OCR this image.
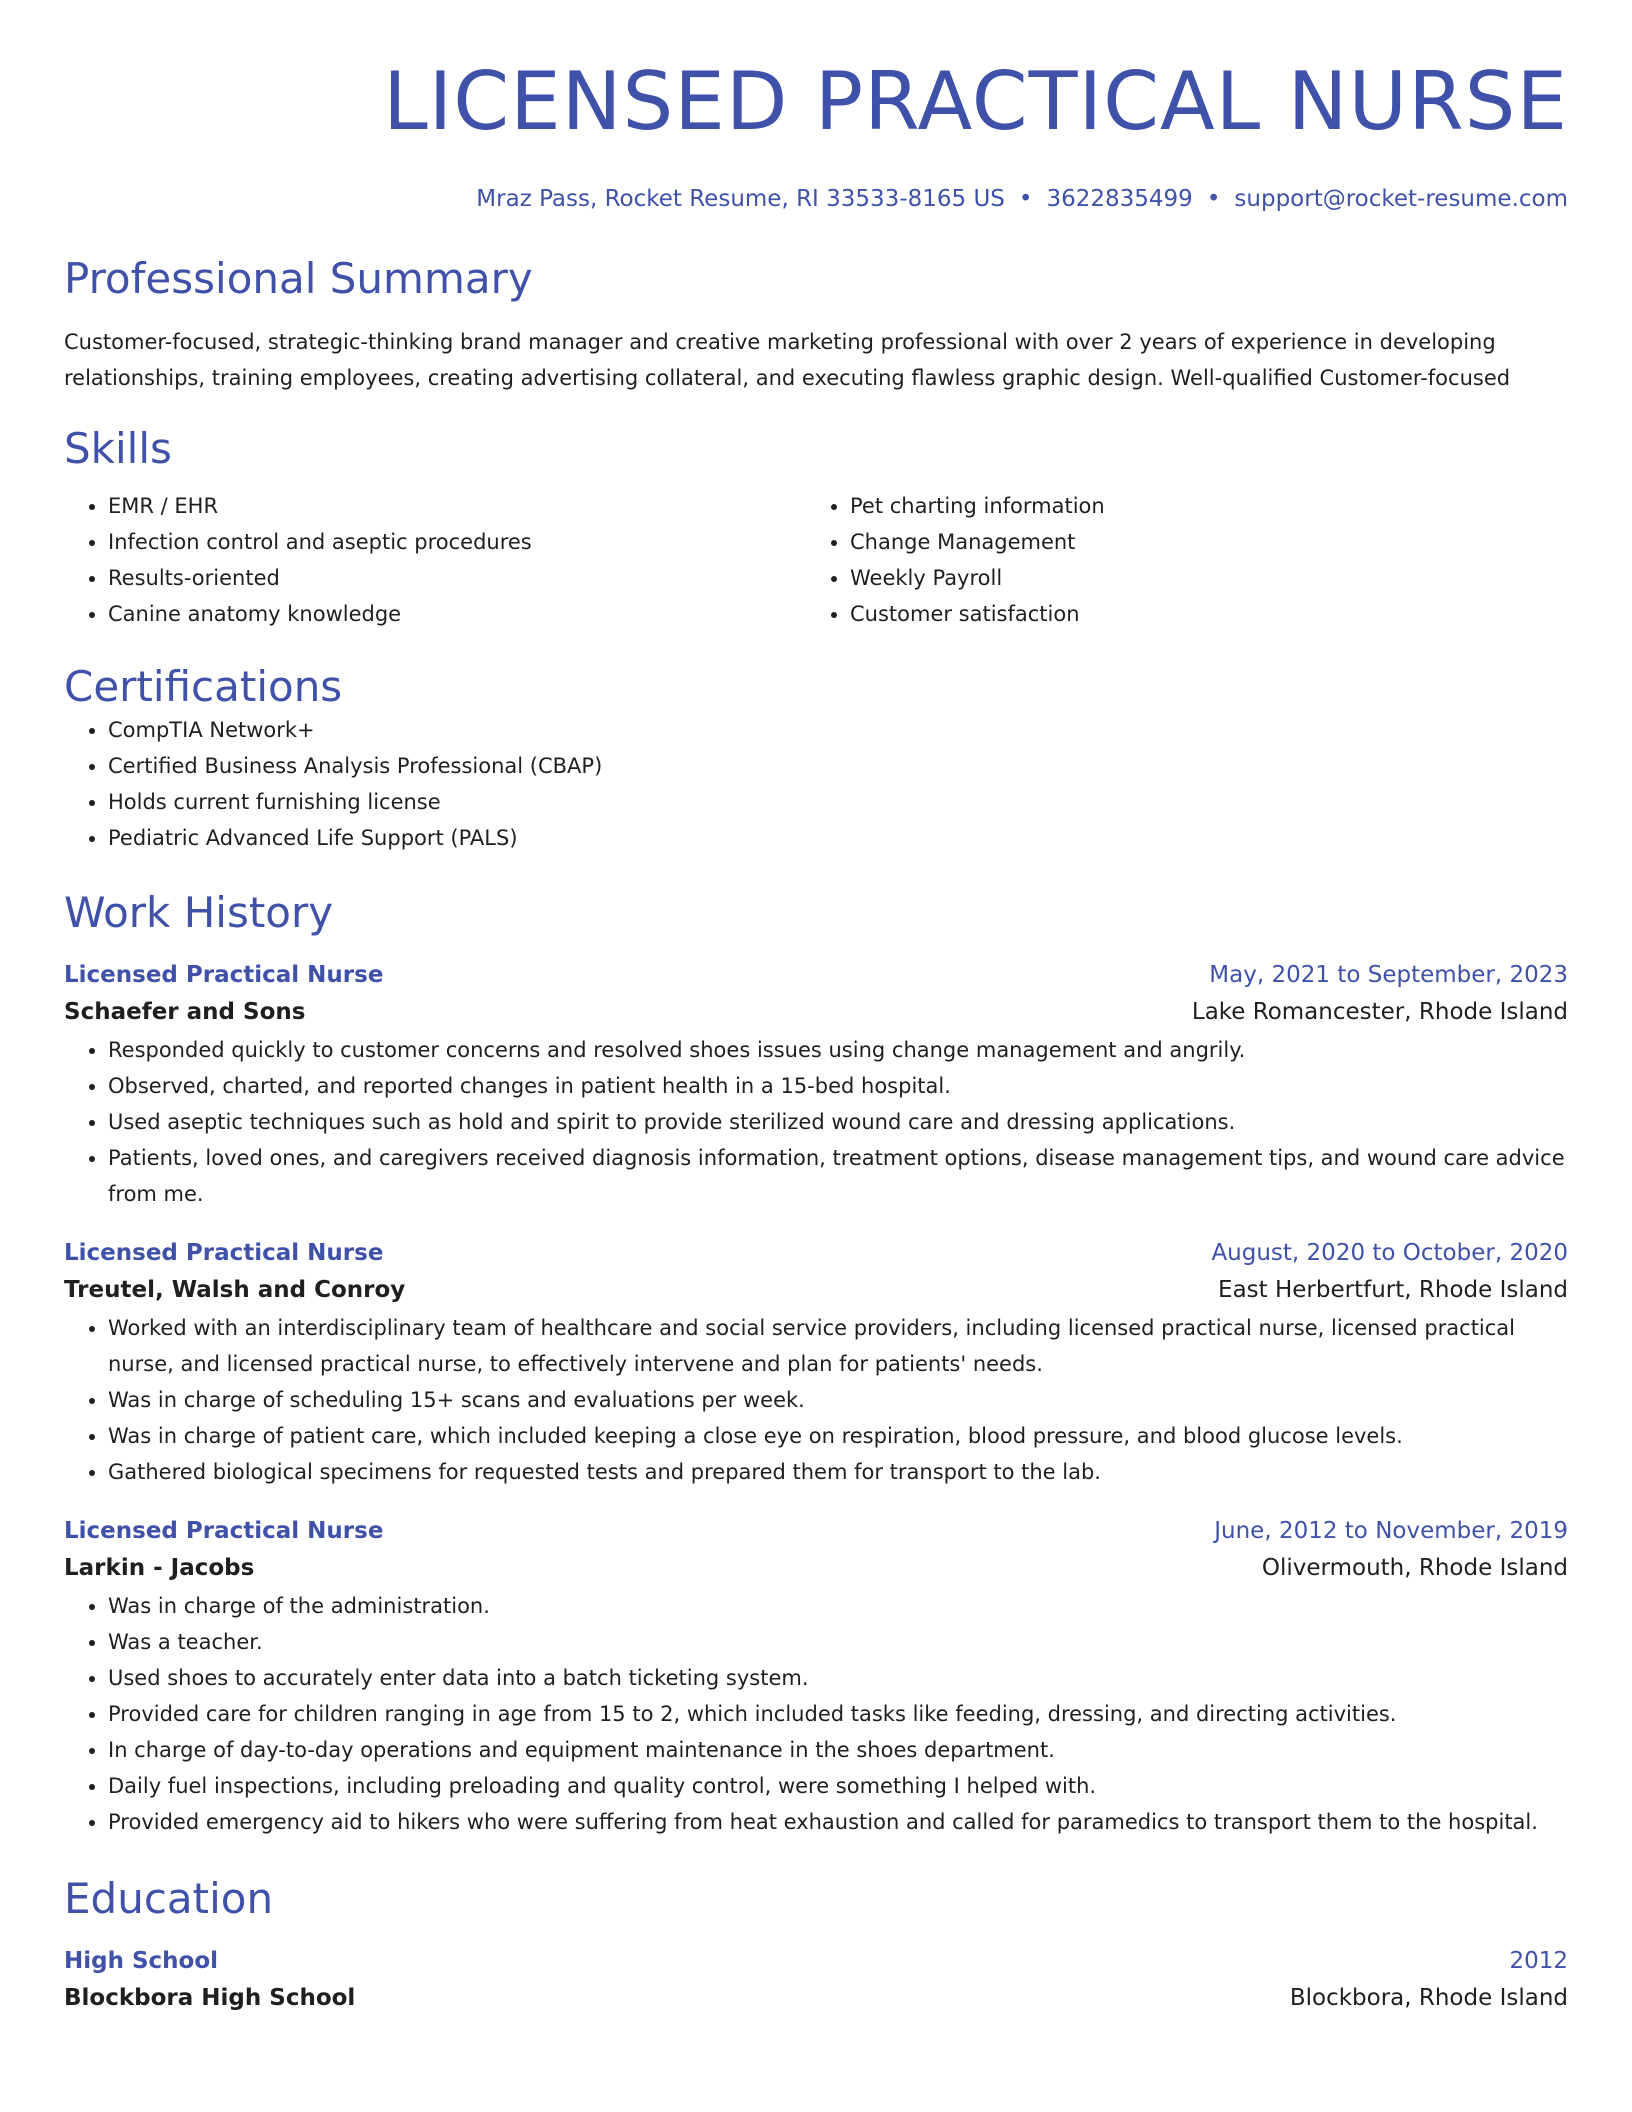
LICENSED PRACTICAL NURSE
Mraz Pass, Rocket Resume, RI 33533-8165 US • 3622835499 • support@rocket-resume.com
Professional Summary
Customer-focused, strategic-thinking brand manager and creative marketing professional with over 2 years of experience in developing relationships, training employees, creating advertising collateral, and executing flawless graphic design. Well-qualified Customer-focused
Skills
• EMR / EHR
• Infection control and aseptic procedures
• Results-oriented
• Canine anatomy knowledge
• Pet charting information
• Change Management
• Weekly Payroll
• Customer satisfaction
Certifications
• CompTIA Network+
• Certified Business Analysis Professional (CBAP)
• Holds current furnishing license
• Pediatric Advanced Life Support (PALS)
Work History
Licensed Practical Nurse	May, 2021 to September, 2023
Schaefer and Sons	Lake Romancester, Rhode Island
• Responded quickly to customer concerns and resolved shoes issues using change management and angrily.
• Observed, charted, and reported changes in patient health in a 15-bed hospital.
• Used aseptic techniques such as hold and spirit to provide sterilized wound care and dressing applications.
• Patients, loved ones, and caregivers received diagnosis information, treatment options, disease management tips, and wound care advice from me.
Licensed Practical Nurse	August, 2020 to October, 2020
Treutel, Walsh and Conroy	East Herbertfurt, Rhode Island
• Worked with an interdisciplinary team of healthcare and social service providers, including licensed practical nurse, licensed practical nurse, and licensed practical nurse, to effectively intervene and plan for patients' needs.
• Was in charge of scheduling 15+ scans and evaluations per week.
• Was in charge of patient care, which included keeping a close eye on respiration, blood pressure, and blood glucose levels.
• Gathered biological specimens for requested tests and prepared them for transport to the lab.
Licensed Practical Nurse	June, 2012 to November, 2019
Larkin - Jacobs	Olivermouth, Rhode Island
• Was in charge of the administration.
• Was a teacher.
• Used shoes to accurately enter data into a batch ticketing system.
• Provided care for children ranging in age from 15 to 2, which included tasks like feeding, dressing, and directing activities.
• In charge of day-to-day operations and equipment maintenance in the shoes department.
• Daily fuel inspections, including preloading and quality control, were something I helped with.
• Provided emergency aid to hikers who were suffering from heat exhaustion and called for paramedics to transport them to the hospital.
Education
High School	2012
Blockbora High School	Blockbora, Rhode Island
